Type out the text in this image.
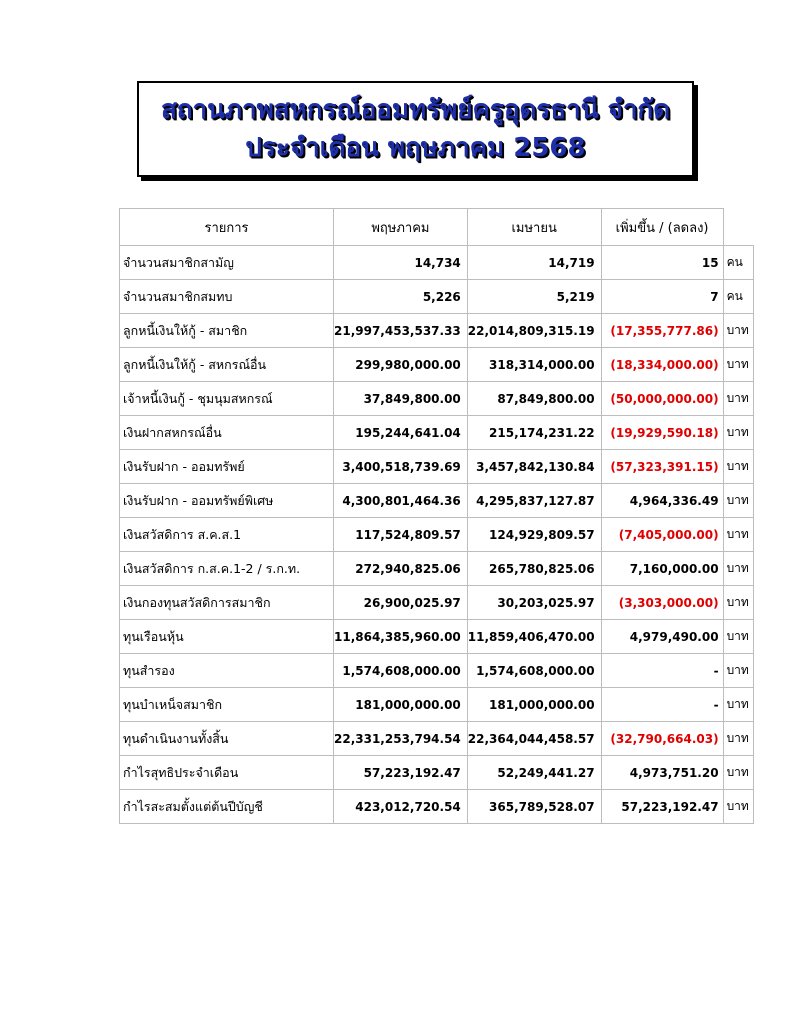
สถานภาพสหกรณ์ออมทรัพย์ครูอุดรธานี จำกัด
ประจำเดือน พฤษภาคม 2568
รายการ	พฤษภาคม	เมษายน	เพิ่มขึ้น / (ลดลง)	
จำนวนสมาชิกสามัญ	14,734	14,719	15	คน
จำนวนสมาชิกสมทบ	5,226	5,219	7	คน
ลูกหนี้เงินให้กู้ - สมาชิก	21,997,453,537.33	22,014,809,315.19	(17,355,777.86)	บาท
ลูกหนี้เงินให้กู้ - สหกรณ์อื่น	299,980,000.00	318,314,000.00	(18,334,000.00)	บาท
เจ้าหนี้เงินกู้ - ชุมนุมสหกรณ์	37,849,800.00	87,849,800.00	(50,000,000.00)	บาท
เงินฝากสหกรณ์อื่น	195,244,641.04	215,174,231.22	(19,929,590.18)	บาท
เงินรับฝาก - ออมทรัพย์	3,400,518,739.69	3,457,842,130.84	(57,323,391.15)	บาท
เงินรับฝาก - ออมทรัพย์พิเศษ	4,300,801,464.36	4,295,837,127.87	4,964,336.49	บาท
เงินสวัสดิการ ส.ค.ส.1	117,524,809.57	124,929,809.57	(7,405,000.00)	บาท
เงินสวัสดิการ ก.ส.ค.1-2 / ร.ก.ท.	272,940,825.06	265,780,825.06	7,160,000.00	บาท
เงินกองทุนสวัสดิการสมาชิก	26,900,025.97	30,203,025.97	(3,303,000.00)	บาท
ทุนเรือนหุ้น	11,864,385,960.00	11,859,406,470.00	4,979,490.00	บาท
ทุนสำรอง	1,574,608,000.00	1,574,608,000.00	-	บาท
ทุนบำเหน็จสมาชิก	181,000,000.00	181,000,000.00	-	บาท
ทุนดำเนินงานทั้งสิ้น	22,331,253,794.54	22,364,044,458.57	(32,790,664.03)	บาท
กำไรสุทธิประจำเดือน	57,223,192.47	52,249,441.27	4,973,751.20	บาท
กำไรสะสมตั้งแต่ต้นปีบัญชี	423,012,720.54	365,789,528.07	57,223,192.47	บาท
